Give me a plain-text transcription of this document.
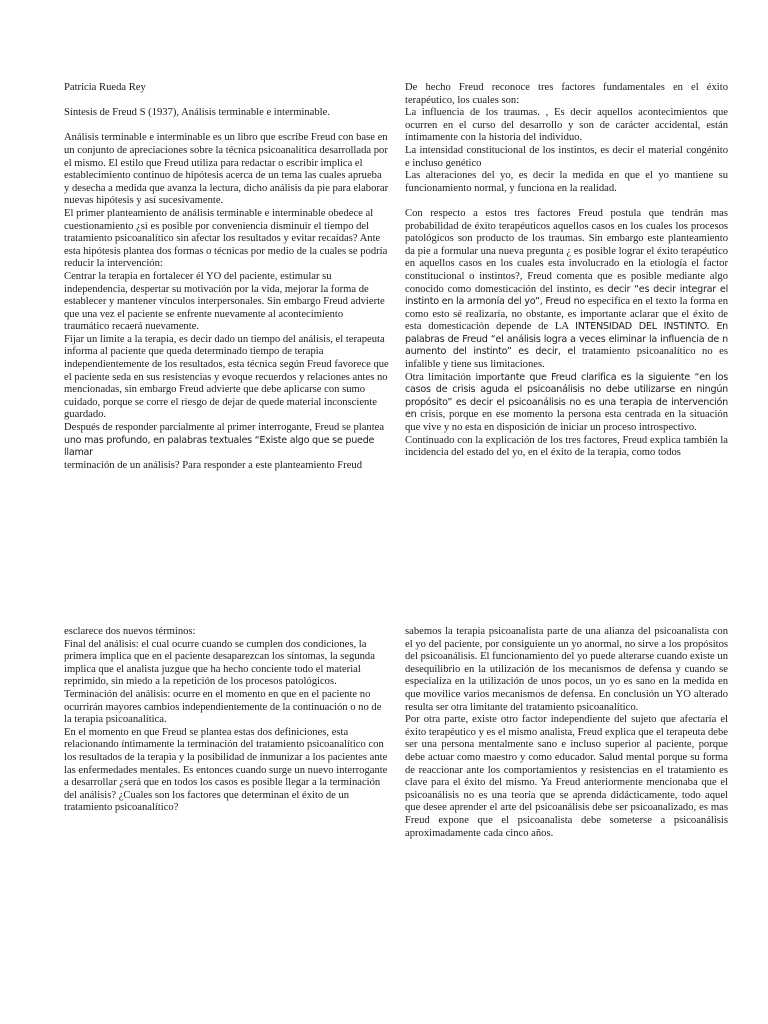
Patricia Rueda Rey

Síntesis de Freud S (1937), Análisis terminable e interminable.

Análisis terminable e interminable es un libro que escribe Freud con base en un conjunto de apreciaciones sobre la técnica psicoanalítica desarrollada por el mismo. El estilo que Freud utiliza para redactar o escribir implica el establecimiento continuo de hipótesis acerca de un tema las cuales aprueba y desecha a medida que avanza la lectura, dicho análisis da pie para elaborar nuevas hipótesis y así sucesivamente.

El primer planteamiento de análisis terminable e interminable obedece al cuestionamiento ¿si es posible por conveniencia disminuir el tiempo del tratamiento psicoanalítico sin afectar los resultados y evitar recaídas? Ante esta hipótesis plantea dos formas o técnicas por medio de la cuales se podría reducir la intervención:

Centrar la terapia en fortalecer él YO del paciente, estimular su independencia, despertar su motivación por la vida, mejorar la forma de establecer y mantener vínculos interpersonales. Sin embargo Freud advierte que una vez el paciente se enfrente nuevamente al acontecimiento traumático recaerá nuevamente.

Fijar un limite a la terapia, es decir dado un tiempo del análisis, el terapeuta informa al paciente que queda determinado tiempo de terapia independientemente de los resultados, esta técnica según Freud favorece que el paciente seda en sus resistencias y evoque recuerdos y relaciones antes no mencionadas, sin embargo Freud advierte que debe aplicarse con sumo cuidado, porque se corre el riesgo de dejar de quede material inconsciente guardado.

Después de responder parcialmente al primer interrogante, Freud se plantea
uno mas profundo, en palabras textuales “Existe algo que se puede llamar
terminación de un análisis? Para responder a este planteamiento Freud

De hecho Freud reconoce tres factores fundamentales en el éxito terapéutico, los cuales son:

La influencia de los traumas. , Es decir aquellos acontecimientos que ocurren en el curso del desarrollo y son de carácter accidental, están íntimamente con la historia del individuo.

La intensidad constitucional de los instintos, es decir el material congénito e incluso genético

Las alteraciones del yo, es decir la medida en que el yo mantiene su funcionamiento normal, y funciona en la realidad.

Con respecto a estos tres factores Freud postula que tendrán mas probabilidad de éxito terapéuticos aquellos casos en los cuales los procesos patológicos son producto de los traumas. Sin embargo este planteamiento da pie a formular una nueva pregunta ¿ es posible lograr el éxito terapéutico en aquellos casos en los cuales esta involucrado en la etiología el factor constitucional o instintos?, Freud comenta que es posible mediante algo conocido como domesticación del instinto, es decir “es decir integrar el instinto en la armonía del yo”, Freud no especifica en el texto la forma en como esto sé realizaría, no obstante, es importante aclarar que el éxito de esta domesticación depende de LA INTENSIDAD DEL INSTINTO. En palabras de Freud “el análisis logra a veces eliminar la influencia de n aumento del instinto” es decir, el tratamiento psicoanalítico no es infalible y tiene sus limitaciones.

Otra limitación importante que Freud clarifica es la siguiente “en los casos de crisis aguda el psicoanálisis no debe utilizarse en ningún propósito” es decir el psicoanálisis no es una terapia de intervención en crisis, porque en ese momento la persona esta centrada en la situación que vive y no esta en disposición de iniciar un proceso introspectivo.

Continuado con la explicación de los tres factores, Freud explica también la incidencia del estado del yo, en el éxito de la terapia, como todos

esclarece dos nuevos términos:

Final del análisis: el cual ocurre cuando se cumplen dos condiciones, la primera implica que en el paciente desaparezcan los síntomas, la segunda implica que el analista juzgue que ha hecho conciente todo el material reprimido, sin miedo a la repetición de los procesos patológicos.

Terminación del análisis: ocurre en el momento en que en el paciente no ocurrirán mayores cambios independientemente de la continuación o no de la terapia psicoanalítica.

En el momento en que Freud se plantea estas dos definiciones, esta relacionando íntimamente la terminación del tratamiento psicoanalítico con los resultados de la terapia y la posibilidad de inmunizar a los pacientes ante las enfermedades mentales. Es entonces cuando surge un nuevo interrogante a desarrollar ¿será que en todos los casos es posible llegar a la terminación del análisis? ¿Cuales son los factores que determinan el éxito de un tratamiento psicoanalítico?

sabemos la terapia psicoanalista parte de una alianza del psicoanalista con el yo del paciente, por consiguiente un yo anormal, no sirve a los propósitos del psicoanálisis. El funcionamiento del yo puede alterarse cuando existe un desequilibrio en la utilización de los mecanismos de defensa y cuando se especializa en la utilización de unos pocos, un yo es sano en la medida en que movilice varios mecanismos de defensa. En conclusión un YO alterado resulta ser otra limitante del tratamiento psicoanalítico.

Por otra parte, existe otro factor independiente del sujeto que afectaría el éxito terapéutico y es el mismo analista, Freud explica que el terapeuta debe ser una persona mentalmente sano e incluso superior al paciente, porque debe actuar como maestro y como educador. Salud mental porque su forma de reaccionar ante los comportamientos y resistencias en el tratamiento es clave para el éxito del mismo. Ya Freud anteriormente mencionaba que el psicoanálisis no es una teoría que se aprenda didácticamente, todo aquel que desee aprender el arte del psicoanálisis debe ser psicoanalizado, es mas Freud expone que el psicoanalista debe someterse a psicoanálisis aproximadamente cada cinco años.
